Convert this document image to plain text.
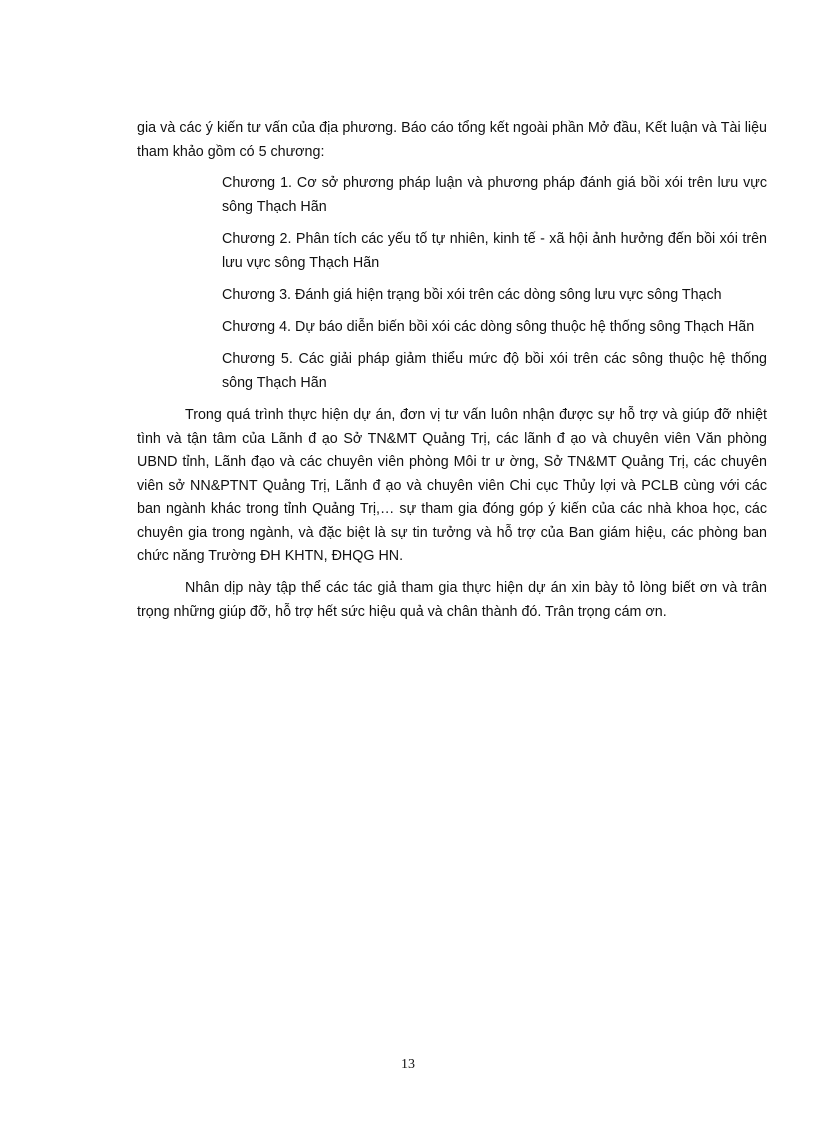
gia và các ý kiến tư vấn của địa phương. Báo cáo tổng kết ngoài phần Mở đầu, Kết luận và Tài liệu tham khảo gồm có 5 chương:

Chương 1. Cơ sở phương pháp luận và phương pháp đánh giá bồi xói trên lưu vực sông Thạch Hãn
Chương 2. Phân tích các yếu tố tự nhiên, kinh tế - xã hội ảnh hưởng đến bồi xói trên lưu vực sông Thạch Hãn
Chương 3. Đánh giá hiện trạng bồi xói trên các dòng sông lưu vực sông Thạch
Chương 4. Dự báo diễn biến bồi xói các dòng sông thuộc hệ thống sông Thạch Hãn
Chương 5. Các giải pháp giảm thiểu mức độ bồi xói trên các sông thuộc hệ thống sông Thạch Hãn

Trong quá trình thực hiện dự án, đơn vị tư vấn luôn nhận được sự hỗ trợ và giúp đỡ nhiệt tình và tận tâm của Lãnh đ ạo Sở TN&MT Quảng Trị, các lãnh đ ạo và chuyên viên Văn phòng UBND tỉnh, Lãnh đạo và các chuyên viên phòng Môi tr ư ờng, Sở TN&MT Quảng Trị, các chuyên viên sở NN&PTNT Quảng Trị, Lãnh đ ạo và chuyên viên Chi cục Thủy lợi và PCLB cùng với các ban ngành khác trong tỉnh Quảng Trị,… sự tham gia đóng góp ý kiến của các nhà khoa học, các chuyên gia trong ngành, và đặc biệt là sự tin tưởng và hỗ trợ của Ban giám hiệu, các phòng ban chức năng Trường ĐH KHTN, ĐHQG HN.

Nhân dịp này tập thể các tác giả tham gia thực hiện dự án xin bày tỏ lòng biết ơn và trân trọng những giúp đỡ, hỗ trợ hết sức hiệu quả và chân thành đó. Trân trọng cám ơn.

13
